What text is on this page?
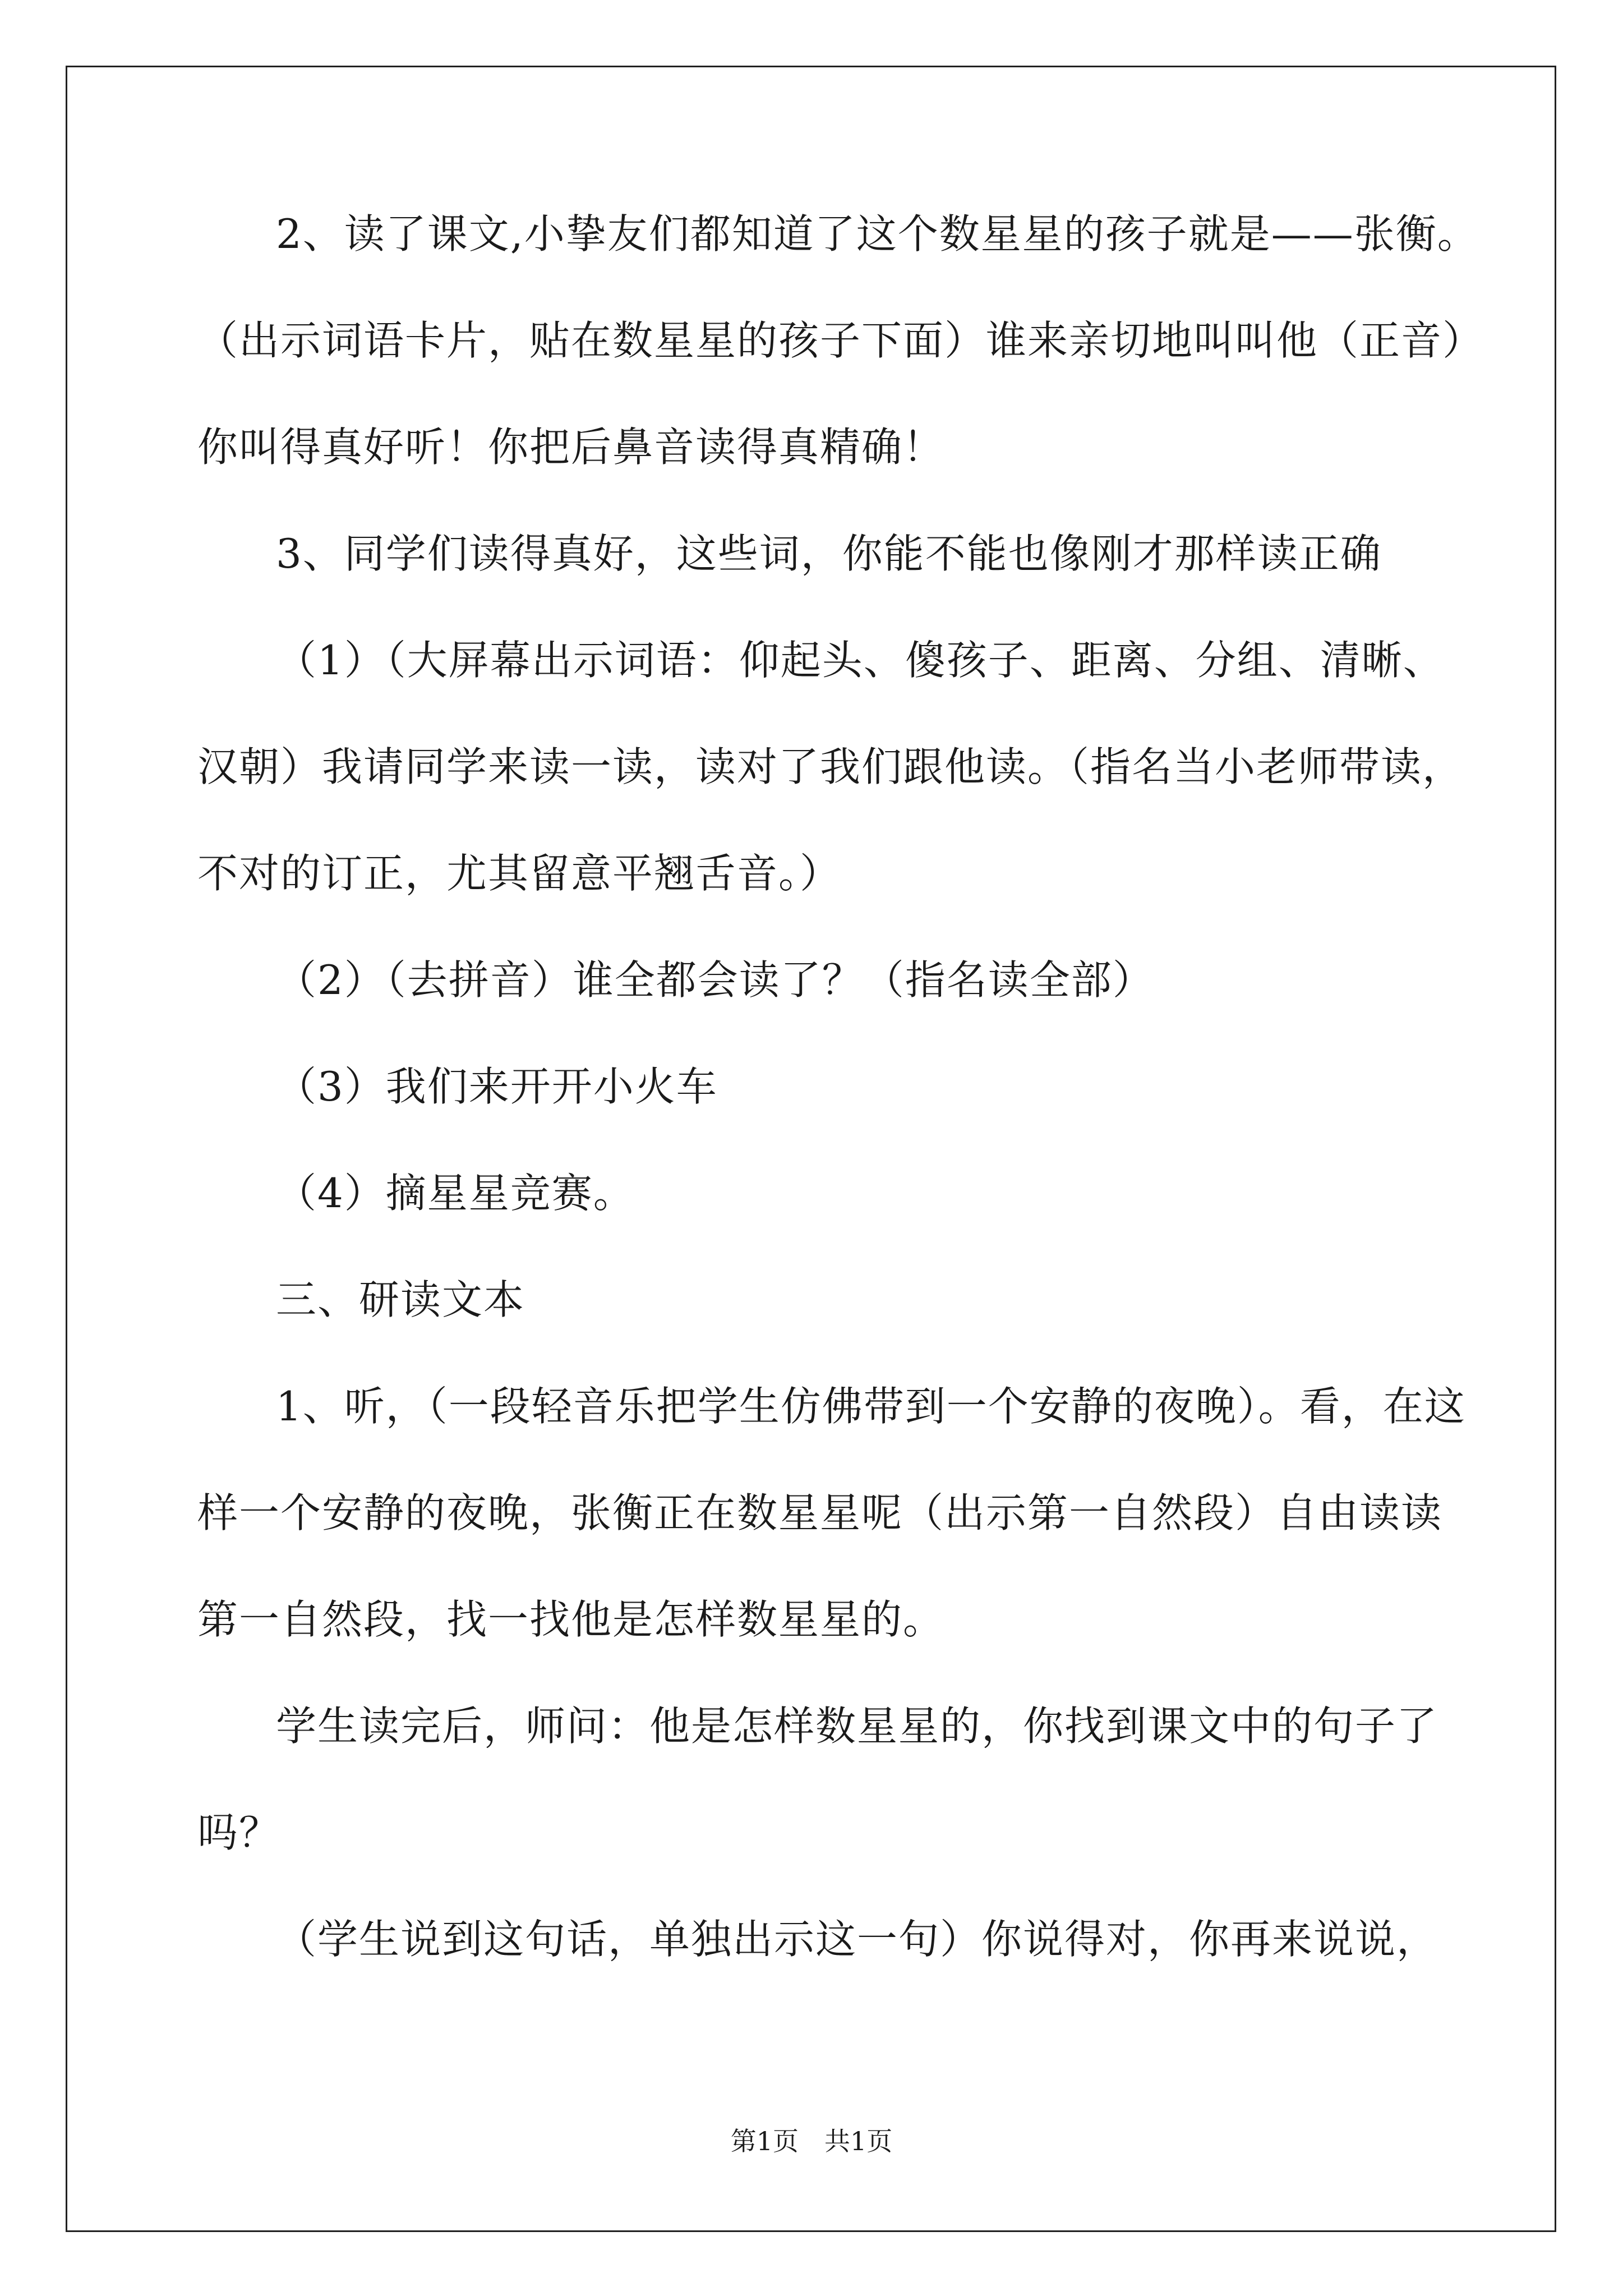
2、读了课文,小挚友们都知道了这个数星星的孩子就是——张衡。
（出示词语卡片，贴在数星星的孩子下面）谁来亲切地叫叫他（正音）
你叫得真好听！你把后鼻音读得真精确！
3、同学们读得真好，这些词，你能不能也像刚才那样读正确
（1）（大屏幕出示词语：仰起头、傻孩子、距离、分组、清晰、
汉朝）我请同学来读一读，读对了我们跟他读。（指名当小老师带读，
不对的订正，尤其留意平翘舌音。）
（2）（去拼音）谁全都会读了？（指名读全部）
（3）我们来开开小火车
（4）摘星星竞赛。
三、研读文本
1、听，（一段轻音乐把学生仿佛带到一个安静的夜晚）。看，在这
样一个安静的夜晚，张衡正在数星星呢（出示第一自然段）自由读读
第一自然段，找一找他是怎样数星星的。
学生读完后，师问：他是怎样数星星的，你找到课文中的句子了
吗？
（学生说到这句话，单独出示这一句）你说得对，你再来说说，
第1页　共1页
